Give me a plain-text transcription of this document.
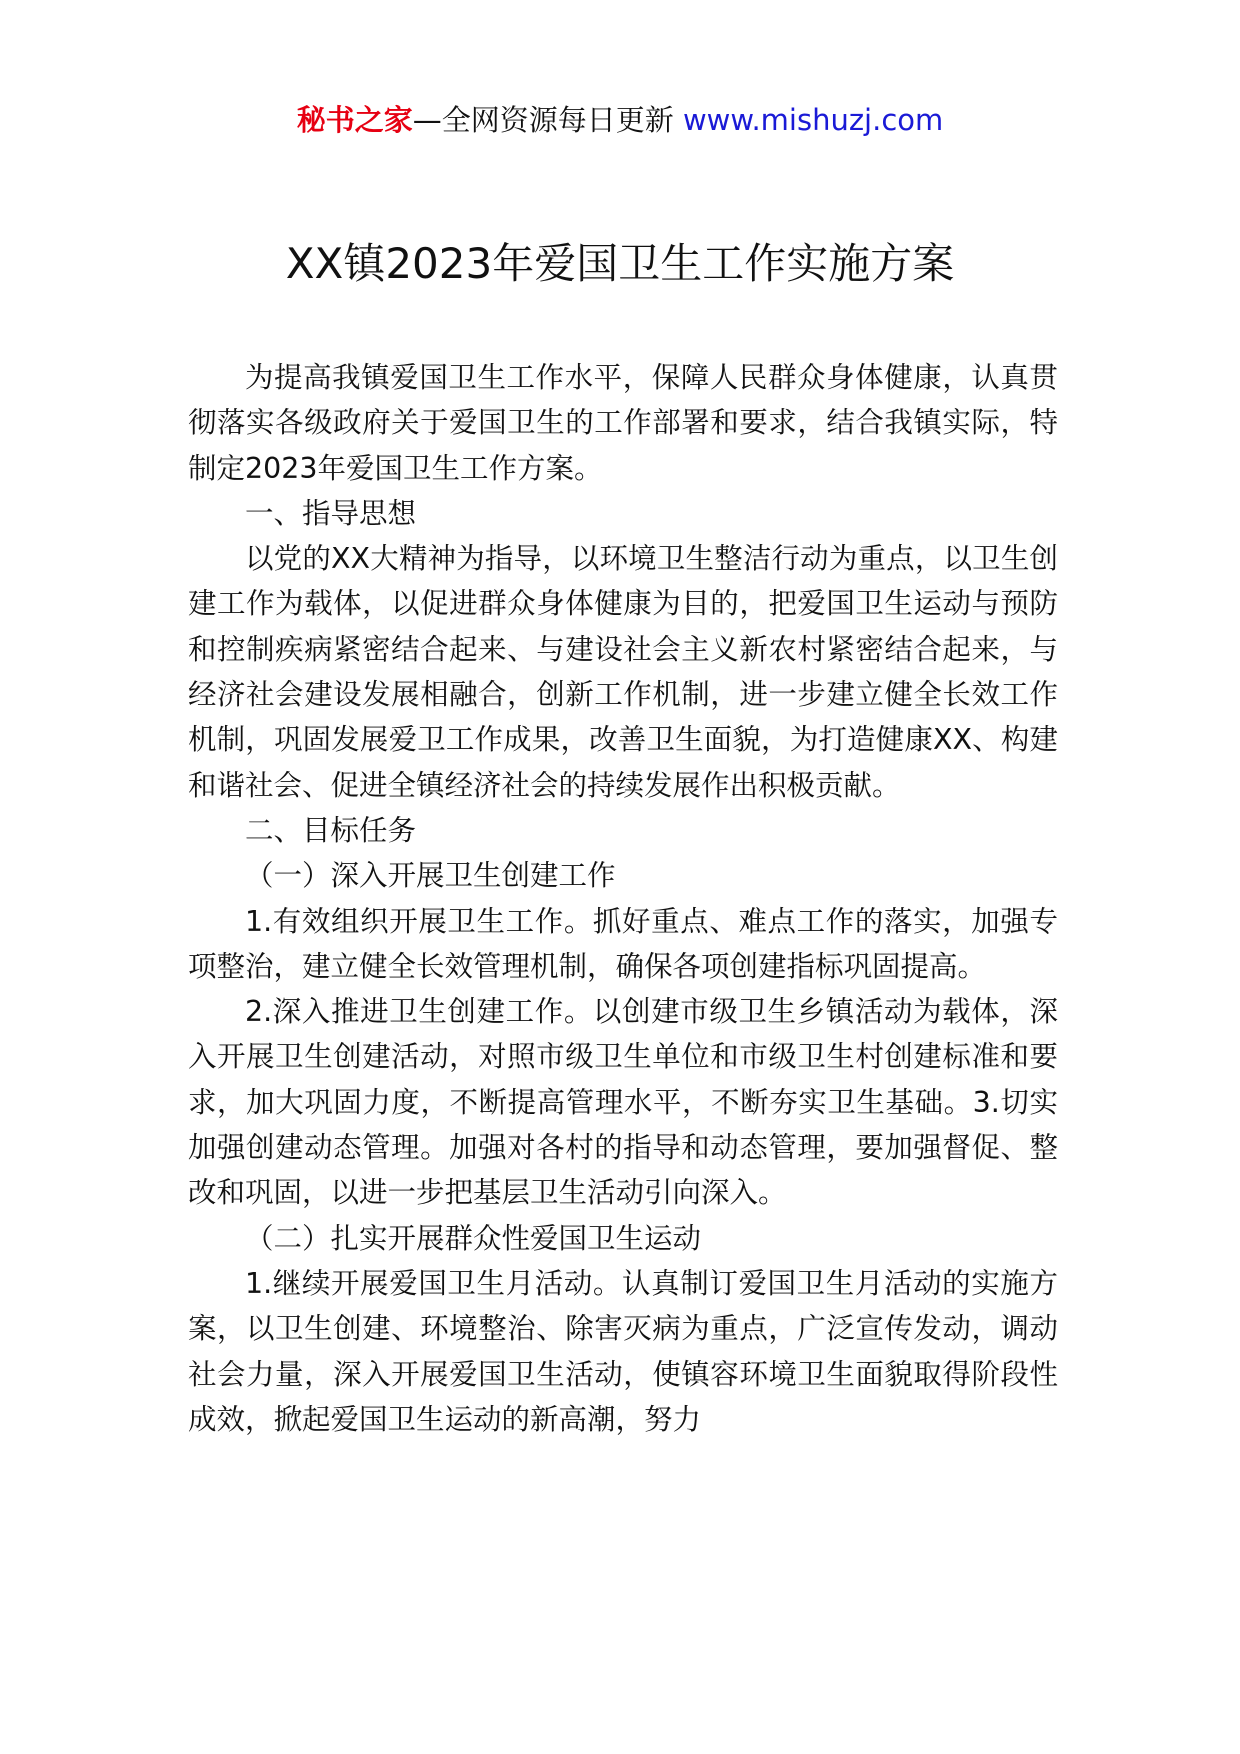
秘书之家—全网资源每日更新 www.mishuzj.com
XX镇2023年爱国卫生工作实施方案

为提高我镇爱国卫生工作水平，保障人民群众身体健康，认真贯彻落实各级政府关于爱国卫生的工作部署和要求，结合我镇实际，特制定2023年爱国卫生工作方案。

一、指导思想

以党的XX大精神为指导，以环境卫生整洁行动为重点，以卫生创建工作为载体，以促进群众身体健康为目的，把爱国卫生运动与预防和控制疾病紧密结合起来、与建设社会主义新农村紧密结合起来，与经济社会建设发展相融合，创新工作机制，进一步建立健全长效工作机制，巩固发展爱卫工作成果，改善卫生面貌，为打造健康XX、构建和谐社会、促进全镇经济社会的持续发展作出积极贡献。

二、目标任务

（一）深入开展卫生创建工作

1.有效组织开展卫生工作。抓好重点、难点工作的落实，加强专项整治，建立健全长效管理机制，确保各项创建指标巩固提高。

2.深入推进卫生创建工作。以创建市级卫生乡镇活动为载体，深入开展卫生创建活动，对照市级卫生单位和市级卫生村创建标准和要求，加大巩固力度，不断提高管理水平，不断夯实卫生基础。3.切实加强创建动态管理。加强对各村的指导和动态管理，要加强督促、整改和巩固，以进一步把基层卫生活动引向深入。

（二）扎实开展群众性爱国卫生运动

1.继续开展爱国卫生月活动。认真制订爱国卫生月活动的实施方案，以卫生创建、环境整治、除害灭病为重点，广泛宣传发动，调动社会力量，深入开展爱国卫生活动，使镇容环境卫生面貌取得阶段性成效，掀起爱国卫生运动的新高潮，努力
